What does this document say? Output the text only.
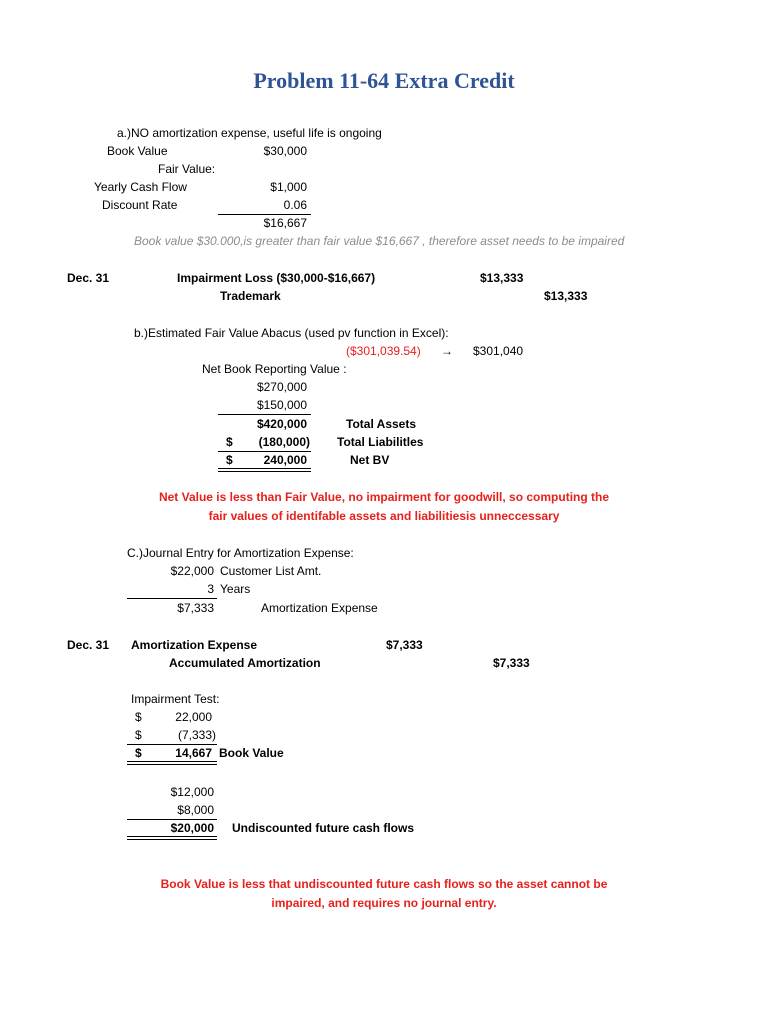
Problem 11-64 Extra Credit
a.)NO amortization expense, useful life is ongoing
Book Value	$30,000
Fair Value:
Yearly Cash Flow	$1,000
Discount Rate	0.06
$16,667
Book value $30.000,is greater than fair value $16,667 , therefore asset needs to be impaired
Dec. 31	Impairment Loss ($30,000-$16,667)	$13,333
Trademark	$13,333
b.)Estimated Fair Value Abacus (used pv function in Excel):
($301,039.54) → $301,040
Net Book Reporting Value :
$270,000
$150,000
$420,000	Total Assets
$	(180,000) Total Liabilitles
$	240,000	Net BV
Net Value is less than Fair Value, no impairment for goodwill, so computing the
fair values of identifable assets and liabilitiesis unneccessary
C.)Journal Entry for Amortization Expense:
$22,000 Customer List Amt.
3 Years
$7,333	Amortization Expense
Dec. 31 Amortization Expense	$7,333
Accumulated Amortization	$7,333
Impairment Test:
$	22,000
$	(7,333)
$	14,667 Book Value
$12,000
$8,000
$20,000 Undiscounted future cash flows
Book Value is less that undiscounted future cash flows so the asset cannot be
impaired, and requires no journal entry.
